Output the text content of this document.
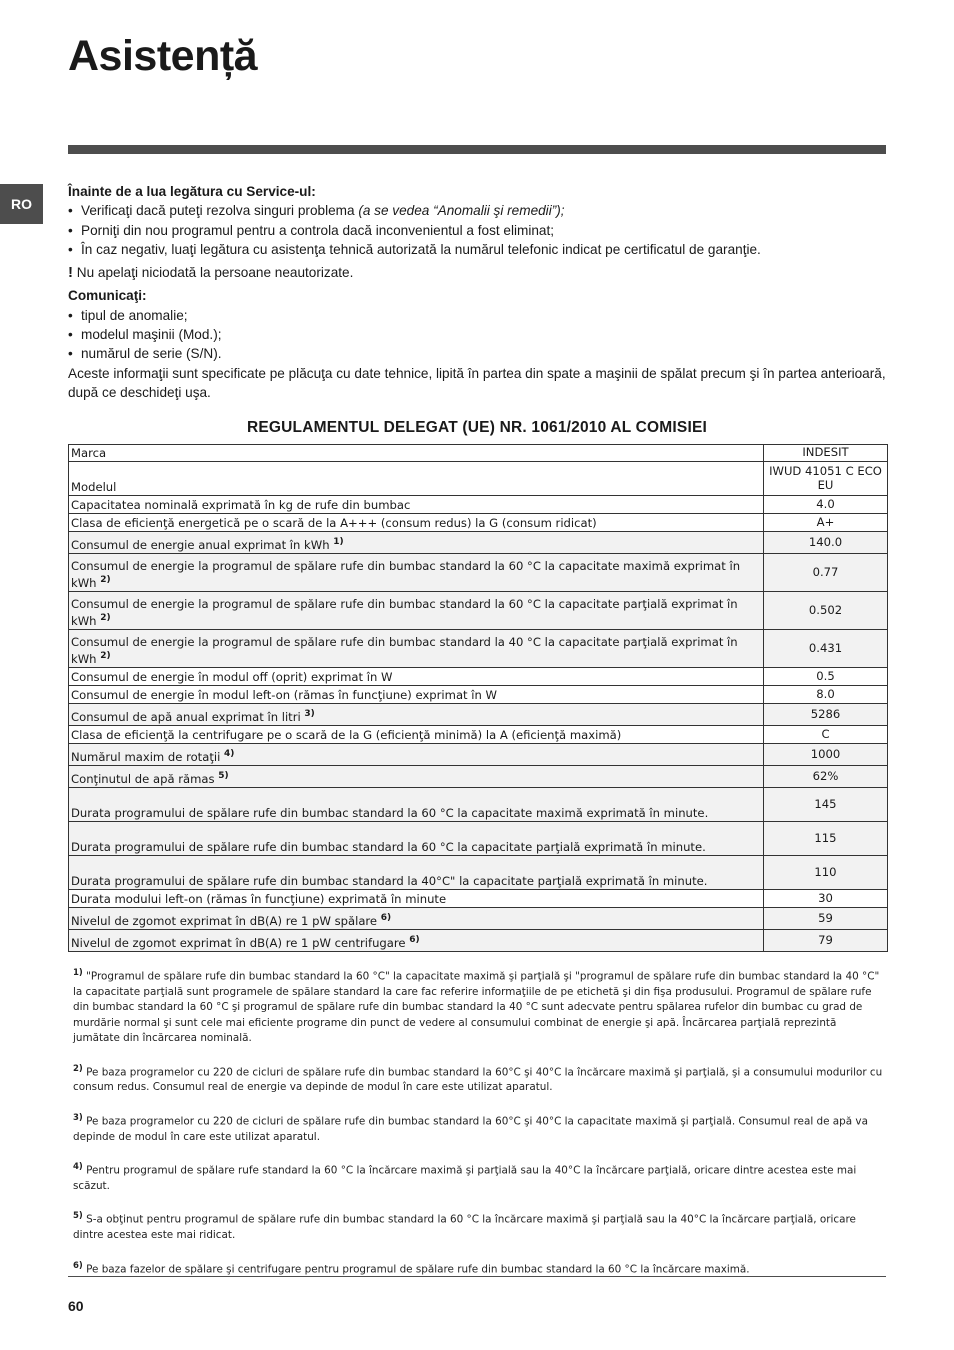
Asistență
RO

Înainte de a lua legătura cu Service-ul:

• Verificaţi dacă puteţi rezolva singuri problema (a se vedea “Anomalii şi remedii”);
• Porniţi din nou programul pentru a controla dacă inconvenientul a fost eliminat;
• În caz negativ, luaţi legătura cu asistenţa tehnică autorizată la numărul telefonic indicat pe certificatul de garanţie.

! Nu apelaţi niciodată la persoane neautorizate.

Comunicaţi:

• tipul de anomalie;
• modelul maşinii (Mod.);
• numărul de serie (S/N).

Aceste informaţii sunt specificate pe plăcuţa cu date tehnice, lipită în partea din spate a maşinii de spălat precum şi în partea anterioară, după ce deschideţi uşa.

REGULAMENTUL DELEGAT (UE) NR. 1061/2010 AL COMISIEI
Marca	INDESIT
Modelul	IWUD 41051 C ECO EU
Capacitatea nominală exprimată în kg de rufe din bumbac	4.0
Clasa de eficienţă energetică pe o scară de la A+++ (consum redus) la G (consum ridicat)	A+
Consumul de energie anual exprimat în kWh $^{1)}$	140.0
Consumul de energie la programul de spălare rufe din bumbac standard la 60 °C la capacitate maximă exprimat în kWh $^{2)}$	0.77
Consumul de energie la programul de spălare rufe din bumbac standard la 60 °C la capacitate parţială exprimat în kWh $^{2)}$	0.502
Consumul de energie la programul de spălare rufe din bumbac standard la 40 °C la capacitate parţială exprimat în kWh $^{2)}$	0.431
Consumul de energie în modul off (oprit) exprimat în W	0.5
Consumul de energie în modul left-on (rămas în funcţiune) exprimat în W	8.0
Consumul de apă anual exprimat în litri $^{3)}$	5286
Clasa de eficienţă la centrifugare pe o scară de la G (eficienţă minimă) la A (eficienţă maximă)	C
Numărul maxim de rotaţii $^{4)}$	1000
Conţinutul de apă rămas $^{5)}$	62%
Durata programului de spălare rufe din bumbac standard la 60 °C la capacitate maximă exprimată în minute.	145
Durata programului de spălare rufe din bumbac standard la 60 °C la capacitate parţială exprimată în minute.	115
Durata programului de spălare rufe din bumbac standard la 40°C" la capacitate parţială exprimată în minute.	110
Durata modului left-on (rămas în funcţiune) exprimată în minute	30
Nivelul de zgomot exprimat în dB(A) re 1 pW spălare $^{6)}$	59
Nivelul de zgomot exprimat în dB(A) re 1 pW centrifugare $^{6)}$	79

$^{1)}$ "Programul de spălare rufe din bumbac standard la 60 °C" la capacitate maximă şi parţială şi "programul de spălare rufe din bumbac standard la 40 °C" la capacitate parţială sunt programele de spălare standard la care fac referire informaţiile de pe etichetă şi din fişa produsului. Programul de spălare rufe din bumbac standard la 60 °C şi programul de spălare rufe din bumbac standard la 40 °C sunt adecvate pentru spălarea rufelor din bumbac cu grad de murdărie normal şi sunt cele mai eficiente programe din punct de vedere al consumului combinat de energie şi apă. Încărcarea parţială reprezintă jumătate din încărcarea nominală.

$^{2)}$ Pe baza programelor cu 220 de cicluri de spălare rufe din bumbac standard la 60°C şi 40°C la încărcare maximă şi parţială, şi a consumului modurilor cu consum redus. Consumul real de energie va depinde de modul în care este utilizat aparatul.

$^{3)}$ Pe baza programelor cu 220 de cicluri de spălare rufe din bumbac standard la 60°C şi 40°C la capacitate maximă şi parţială. Consumul real de apă va depinde de modul în care este utilizat aparatul.

$^{4)}$ Pentru programul de spălare rufe standard la 60 °C la încărcare maximă şi parţială sau la 40°C la încărcare parţială, oricare dintre acestea este mai scăzut.

$^{5)}$ S-a obţinut pentru programul de spălare rufe din bumbac standard la 60 °C la încărcare maximă şi parţială sau la 40°C la încărcare parţială, oricare dintre acestea este mai ridicat.

$^{6)}$ Pe baza fazelor de spălare şi centrifugare pentru programul de spălare rufe din bumbac standard la 60 °C la încărcare maximă.

60
